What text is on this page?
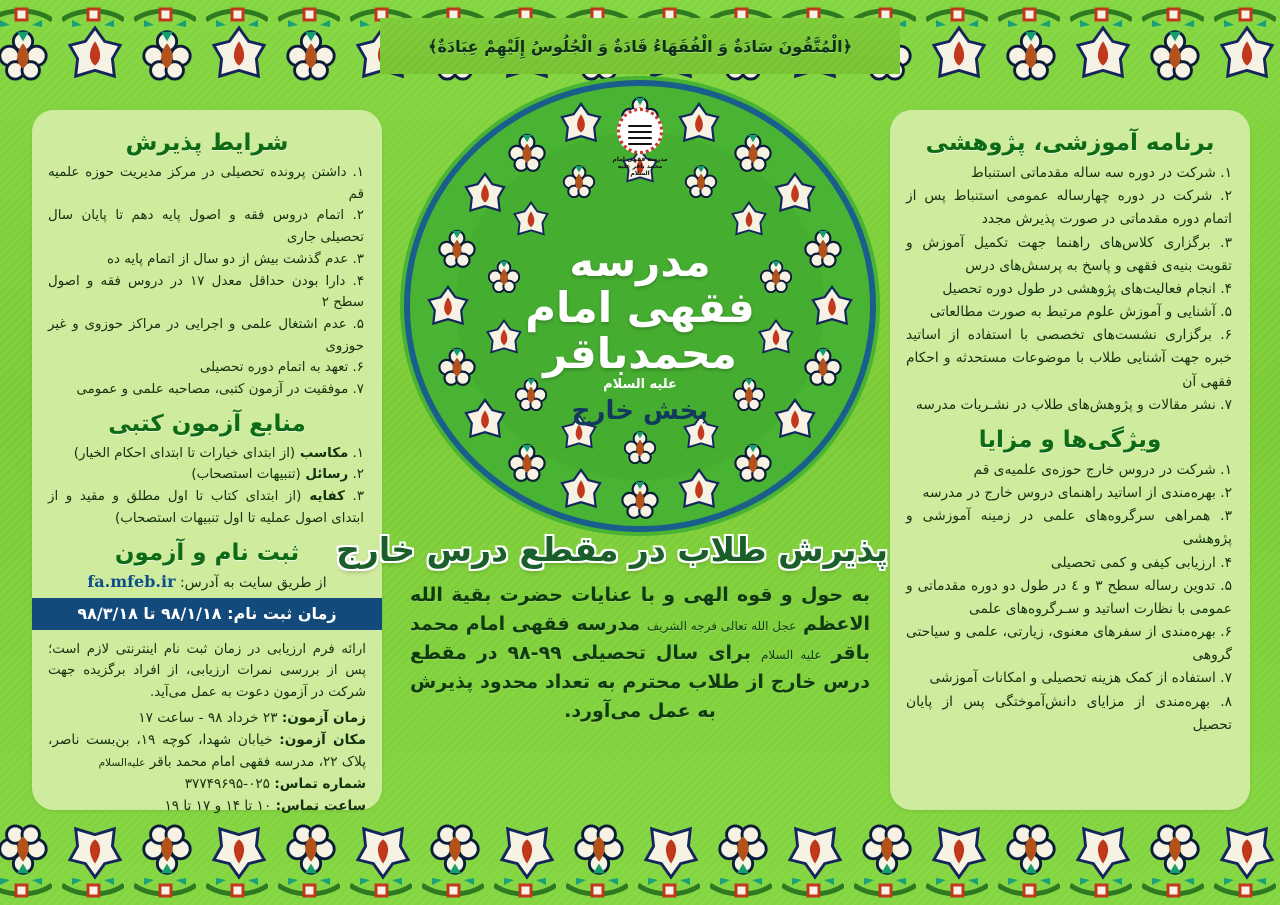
﴿الْمُتَّقُونَ سَادَةٌ وَ الْفُقَهَاءُ قَادَةٌ وَ الْجُلُوسُ إِلَيْهِمْ عِبَادَةٌ﴾
شرایط پذیرش
۱. داشتن پرونده تحصیلی در مرکز مدیریت حوزه علمیه قم
۲. اتمام دروس فقه و اصول پایه دهم تا پایان سال تحصیلی جاری
۳. عدم گذشت بیش از دو سال از اتمام پایه ده
۴. دارا بودن حداقل معدل ۱۷ در دروس فقه و اصول سطح ۲
۵. عدم اشتغال علمی و اجرایی در مراکز حوزوی و غیر حوزوی
۶. تعهد به اتمام دوره تحصیلی
۷. موفقیت در آزمون کتبی، مصاحبه علمی و عمومی
منابع آزمون کتبی
۱. مکاسب (از ابتدای خیارات تا ابتدای احکام الخیار)
۲. رسائل (تنبیهات استصحاب)
۳. کفایه (از ابتدای کتاب تا اول مطلق و مقید و از ابتدای اصول عملیه تا اول تنبیهات استصحاب)
ثبت نام و آزمون
از طریق سایت به آدرس: fa.mfeb.ir
زمان ثبت نام: ۹۸/۱/۱۸ تا ۹۸/۳/۱۸
ارائه فرم ارزیابی در زمان ثبت نام اینترنتی لازم است؛ پس از بررسی نمرات ارزیابی، از افراد برگزیده جهت شرکت در آزمون دعوت به عمل می‌آید.
زمان آزمون: ۲۳ خرداد ۹۸ - ساعت ۱۷
مکان آزمون: خیابان شهدا، کوچه ۱۹، بن‌بست ناصر، پلاک ۲۲، مدرسه فقهی امام محمد باقر علیه‌السلام
شماره تماس: ۰۲۵-۳۷۷۴۹۶۹۵
ساعت تماس: ۱۰ تا ۱۴ و ۱۷ تا ۱۹
برنامه آموزشی، پژوهشی
۱. شرکت در دوره سه ساله مقدماتی استنباط
۲. شرکت در دوره چهارساله عمومی استنباط پس از اتمام دوره مقدماتی در صورت پذیرش مجدد
۳. برگزاری کلاس‌های راهنما جهت تکمیل آموزش و تقویت بنیه‌ی فقهی و پاسخ به پرسش‌های درس
۴. انجام فعالیت‌های پژوهشی در طول دوره تحصیل
۵. آشنایی و آموزش علوم مرتبط به صورت مطالعاتی
۶. برگزاری نشست‌های تخصصی با استفاده از اساتید خبره جهت آشنایی طلاب با موضوعات مستحدثه و احکام فقهی آن
۷. نشر مقالات و پژوهش‌های طلاب در نشـریات مدرسه
ویژگی‌ها و مزایا
۱. شرکت در دروس خارج حوزه‌ی علمیه‌ی قم
۲. بهره‌مندی از اساتید راهنمای دروس خارج در مدرسه
۳. همراهی سرگروه‌های علمی در زمینه آموزشی و پژوهشی
۴. ارزیابی کیفی و کمی تحصیلی
۵. تدوین رساله سطح ۳ و ٤ در طول دو دوره مقدماتی و عمومی با نظارت اساتید و سـرگروه‌های علمی
۶. بهره‌مندی از سفرهای معنوی، زیارتی، علمی و سیاحتی گروهی
۷. استفاده از کمک هزینه تحصیلی و امکانات آموزشی
۸. بهره‌مندی از مزایای دانش‌آموختگی پس از پایان تحصیل
مدرسه فقهی امام محمد باقر علیه السلام
مدرسه
فقهی امام
محمدباقر
علیه السلام
بخش خارج
پذیرش طلاب در مقطع درس خارج
به حول و قوه الهی و با عنایات حضرت بقیة الله الاعظم عجل الله تعالی فرجه الشریف مدرسه فقهی امام محمد باقر علیه السلام برای سال تحصیلی ۹۹-۹۸ در مقطع درس خارج از طلاب محترم به تعداد محدود پذیرش به عمل می‌آورد.
